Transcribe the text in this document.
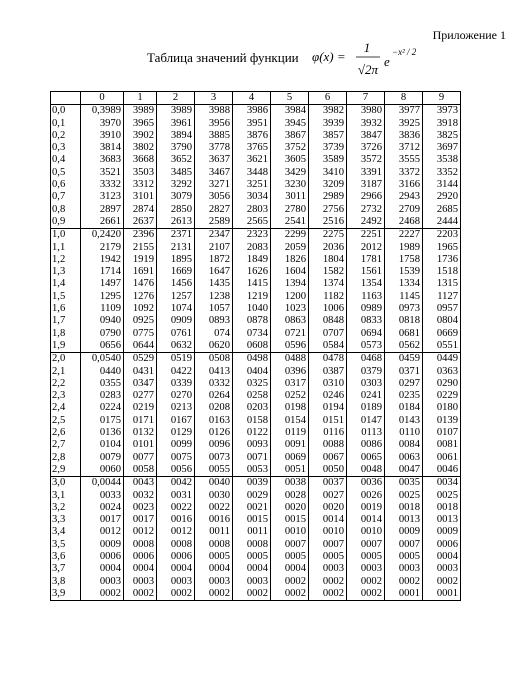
Приложение 1
Таблица значений функции φ(x) =
1
√2π
e
−x² / 2
	0	1	2	3	4	5	6	7	8	9
0,0	0,3989	3989	3989	3988	3986	3984	3982	3980	3977	3973
0,1	3970	3965	3961	3956	3951	3945	3939	3932	3925	3918
0,2	3910	3902	3894	3885	3876	3867	3857	3847	3836	3825
0,3	3814	3802	3790	3778	3765	3752	3739	3726	3712	3697
0,4	3683	3668	3652	3637	3621	3605	3589	3572	3555	3538
0,5	3521	3503	3485	3467	3448	3429	3410	3391	3372	3352
0,6	3332	3312	3292	3271	3251	3230	3209	3187	3166	3144
0,7	3123	3101	3079	3056	3034	3011	2989	2966	2943	2920
0,8	2897	2874	2850	2827	2803	2780	2756	2732	2709	2685
0,9	2661	2637	2613	2589	2565	2541	2516	2492	2468	2444
1,0	0,2420	2396	2371	2347	2323	2299	2275	2251	2227	2203
1,1	2179	2155	2131	2107	2083	2059	2036	2012	1989	1965
1,2	1942	1919	1895	1872	1849	1826	1804	1781	1758	1736
1,3	1714	1691	1669	1647	1626	1604	1582	1561	1539	1518
1,4	1497	1476	1456	1435	1415	1394	1374	1354	1334	1315
1,5	1295	1276	1257	1238	1219	1200	1182	1163	1145	1127
1,6	1109	1092	1074	1057	1040	1023	1006	0989	0973	0957
1,7	0940	0925	0909	0893	0878	0863	0848	0833	0818	0804
1,8	0790	0775	0761	074	0734	0721	0707	0694	0681	0669
1,9	0656	0644	0632	0620	0608	0596	0584	0573	0562	0551
2,0	0,0540	0529	0519	0508	0498	0488	0478	0468	0459	0449
2,1	0440	0431	0422	0413	0404	0396	0387	0379	0371	0363
2,2	0355	0347	0339	0332	0325	0317	0310	0303	0297	0290
2,3	0283	0277	0270	0264	0258	0252	0246	0241	0235	0229
2,4	0224	0219	0213	0208	0203	0198	0194	0189	0184	0180
2,5	0175	0171	0167	0163	0158	0154	0151	0147	0143	0139
2,6	0136	0132	0129	0126	0122	0119	0116	0113	0110	0107
2,7	0104	0101	0099	0096	0093	0091	0088	0086	0084	0081
2,8	0079	0077	0075	0073	0071	0069	0067	0065	0063	0061
2,9	0060	0058	0056	0055	0053	0051	0050	0048	0047	0046
3,0	0,0044	0043	0042	0040	0039	0038	0037	0036	0035	0034
3,1	0033	0032	0031	0030	0029	0028	0027	0026	0025	0025
3,2	0024	0023	0022	0022	0021	0020	0020	0019	0018	0018
3,3	0017	0017	0016	0016	0015	0015	0014	0014	0013	0013
3,4	0012	0012	0012	0011	0011	0010	0010	0010	0009	0009
3,5	0009	0008	0008	0008	0008	0007	0007	0007	0007	0006
3,6	0006	0006	0006	0005	0005	0005	0005	0005	0005	0004
3,7	0004	0004	0004	0004	0004	0004	0003	0003	0003	0003
3,8	0003	0003	0003	0003	0003	0002	0002	0002	0002	0002
3,9	0002	0002	0002	0002	0002	0002	0002	0002	0001	0001
